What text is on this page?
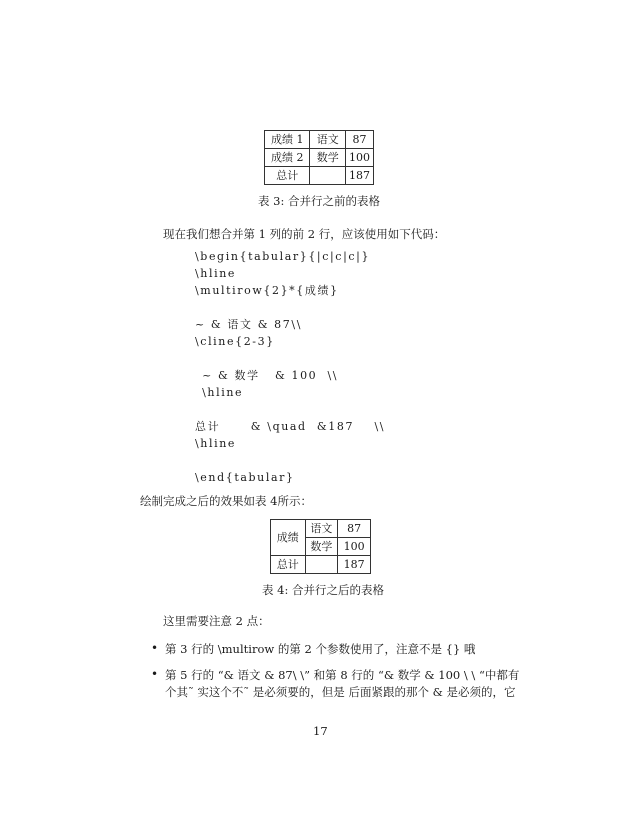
成绩 1	语文	87
成绩 2	数学	100
总计		187
表 3: 合并行之前的表格
现在我们想合并第 1 列的前 2 行，应该使用如下代码：
\begin{tabular}{|c|c|c|}
\hline
\multirow{2}*{成绩}
~ & 语文 & 87\\
\cline{2-3}
~ & 数学   & 100  \\
\hline
总计      & \quad  &187    \\
\hline
\end{tabular}
绘制完成之后的效果如表 4所示：
成绩	语文	87
	数学	100
总计		187
表 4: 合并行之后的表格
这里需要注意 2 点：
• 第 3 行的 \multirow 的第 2 个参数使用了，注意不是 {} 哦
• 第 5 行的 “& 语文 & 87\ \” 和第 8 行的 “& 数学 & 100 \ \ “中都有
个其˜ 实这个不˜ 是必须要的，但是 后面紧跟的那个 & 是必须的，它
17
